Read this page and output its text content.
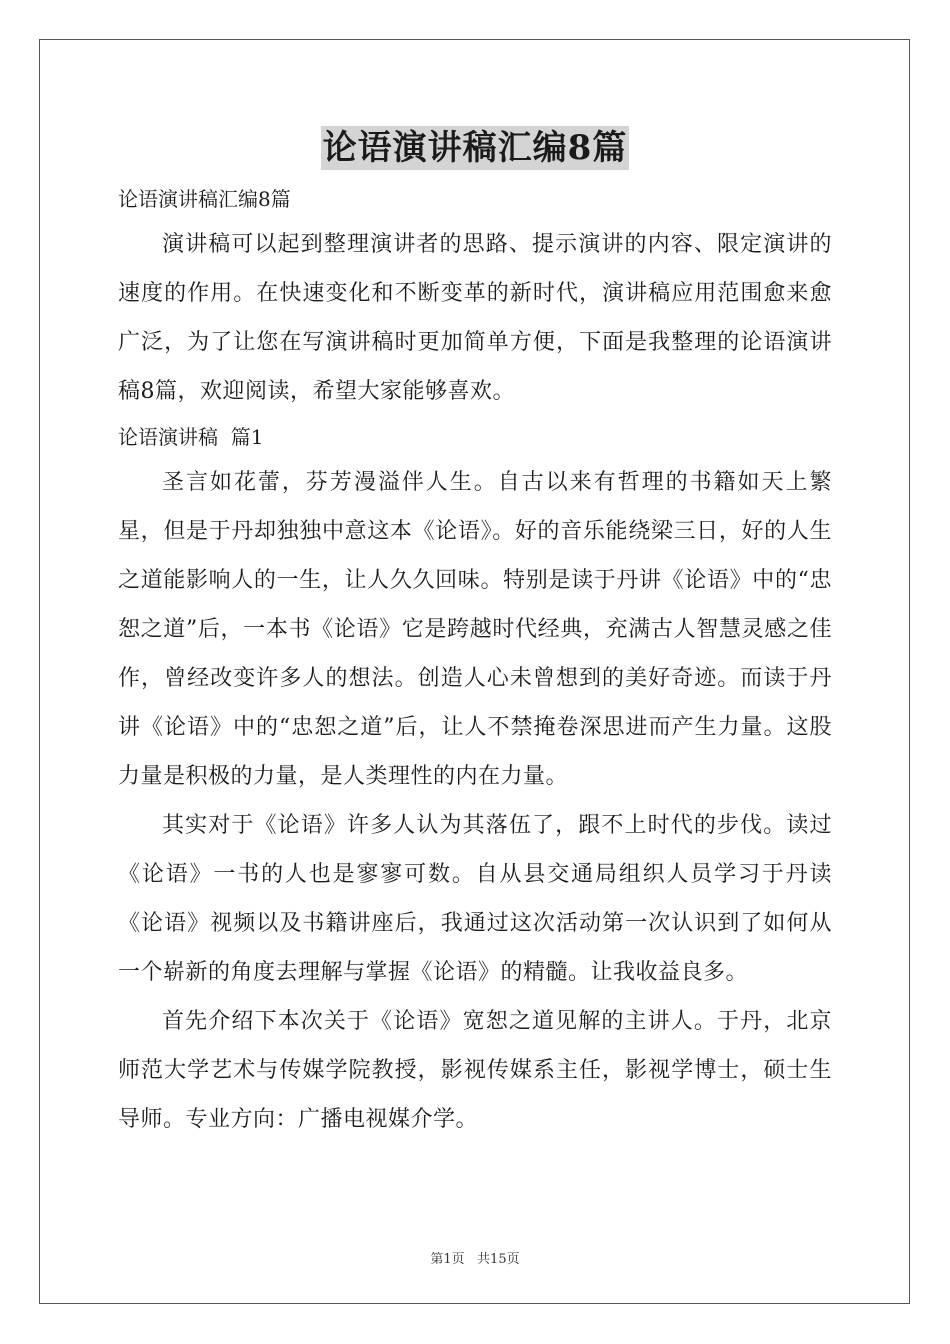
论语演讲稿汇编8篇

论语演讲稿汇编8篇

演讲稿可以起到整理演讲者的思路、提示演讲的内容、限定演讲的速度的作用。在快速变化和不断变革的新时代，演讲稿应用范围愈来愈广泛，为了让您在写演讲稿时更加简单方便，下面是我整理的论语演讲稿8篇，欢迎阅读，希望大家能够喜欢。

论语演讲稿  篇1

圣言如花蕾，芬芳漫溢伴人生。自古以来有哲理的书籍如天上繁星，但是于丹却独独中意这本《论语》。好的音乐能绕梁三日，好的人生之道能影响人的一生，让人久久回味。特别是读于丹讲《论语》中的“忠恕之道”后，一本书《论语》它是跨越时代经典，充满古人智慧灵感之佳作，曾经改变许多人的想法。创造人心未曾想到的美好奇迹。而读于丹讲《论语》中的“忠恕之道”后，让人不禁掩卷深思进而产生力量。这股力量是积极的力量，是人类理性的内在力量。

其实对于《论语》许多人认为其落伍了，跟不上时代的步伐。读过《论语》一书的人也是寥寥可数。自从县交通局组织人员学习于丹读《论语》视频以及书籍讲座后，我通过这次活动第一次认识到了如何从一个崭新的角度去理解与掌握《论语》的精髓。让我收益良多。

首先介绍下本次关于《论语》宽恕之道见解的主讲人。于丹，北京师范大学艺术与传媒学院教授，影视传媒系主任，影视学博士，硕士生导师。专业方向：广播电视媒介学。

第1页   共15页
